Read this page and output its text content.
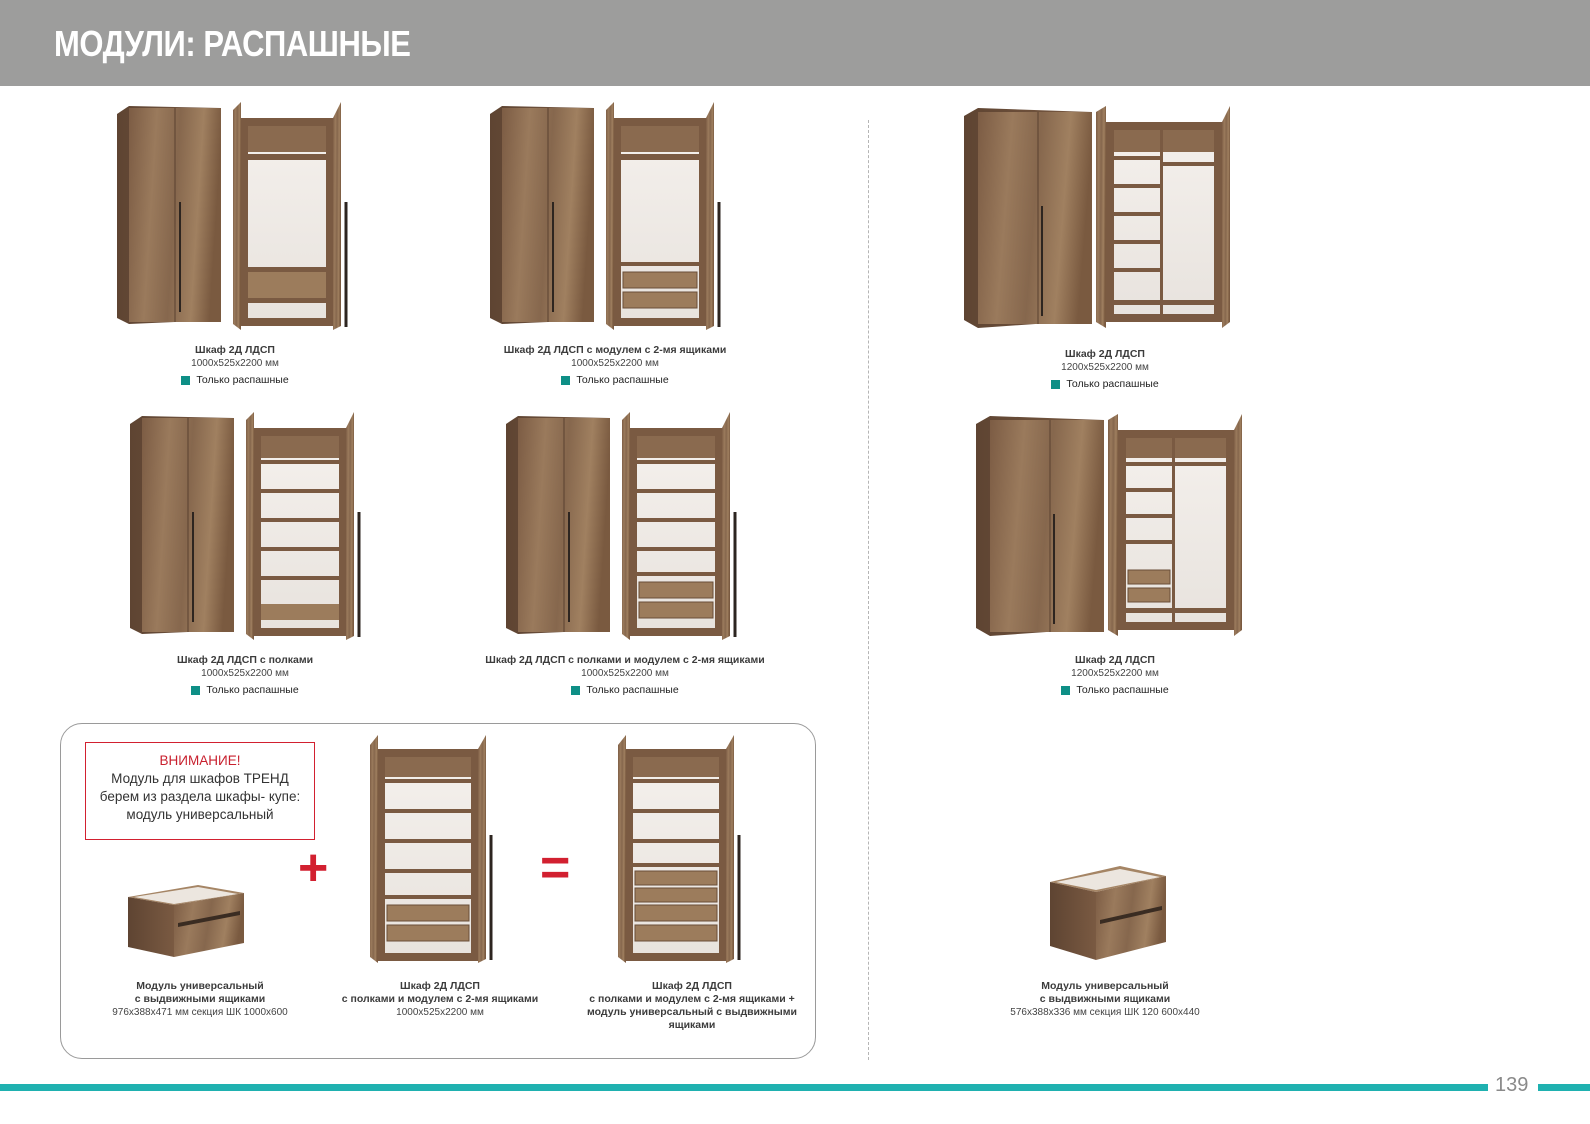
МОДУЛИ: РАСПАШНЫЕ
Шкаф 2Д ЛДСП
1000x525x2200 мм
Только распашные
Шкаф 2Д ЛДСП с модулем с 2-мя ящиками
1000x525x2200 мм
Только распашные
Шкаф 2Д ЛДСП
1200x525x2200 мм
Только распашные
Шкаф 2Д ЛДСП с полками
1000x525x2200 мм
Только распашные
Шкаф 2Д ЛДСП с полками и модулем с 2-мя ящиками
1000x525x2200 мм
Только распашные
Шкаф 2Д ЛДСП
1200x525x2200 мм
Только распашные
ВНИМАНИЕ!
Модуль для шкафов ТРЕНД
берем из раздела шкафы- купе:
модуль универсальный
+	=
Модуль универсальный
с выдвижными ящиками
976x388x471 мм секция ШК 1000x600
Шкаф 2Д ЛДСП
с полками и модулем с 2-мя ящиками
1000x525x2200 мм
Шкаф 2Д ЛДСП
с полками и модулем с 2-мя ящиками +
модуль универсальный с выдвижными
ящиками
Модуль универсальный
с выдвижными ящиками
576x388x336 мм секция ШК 120 600x440
139
